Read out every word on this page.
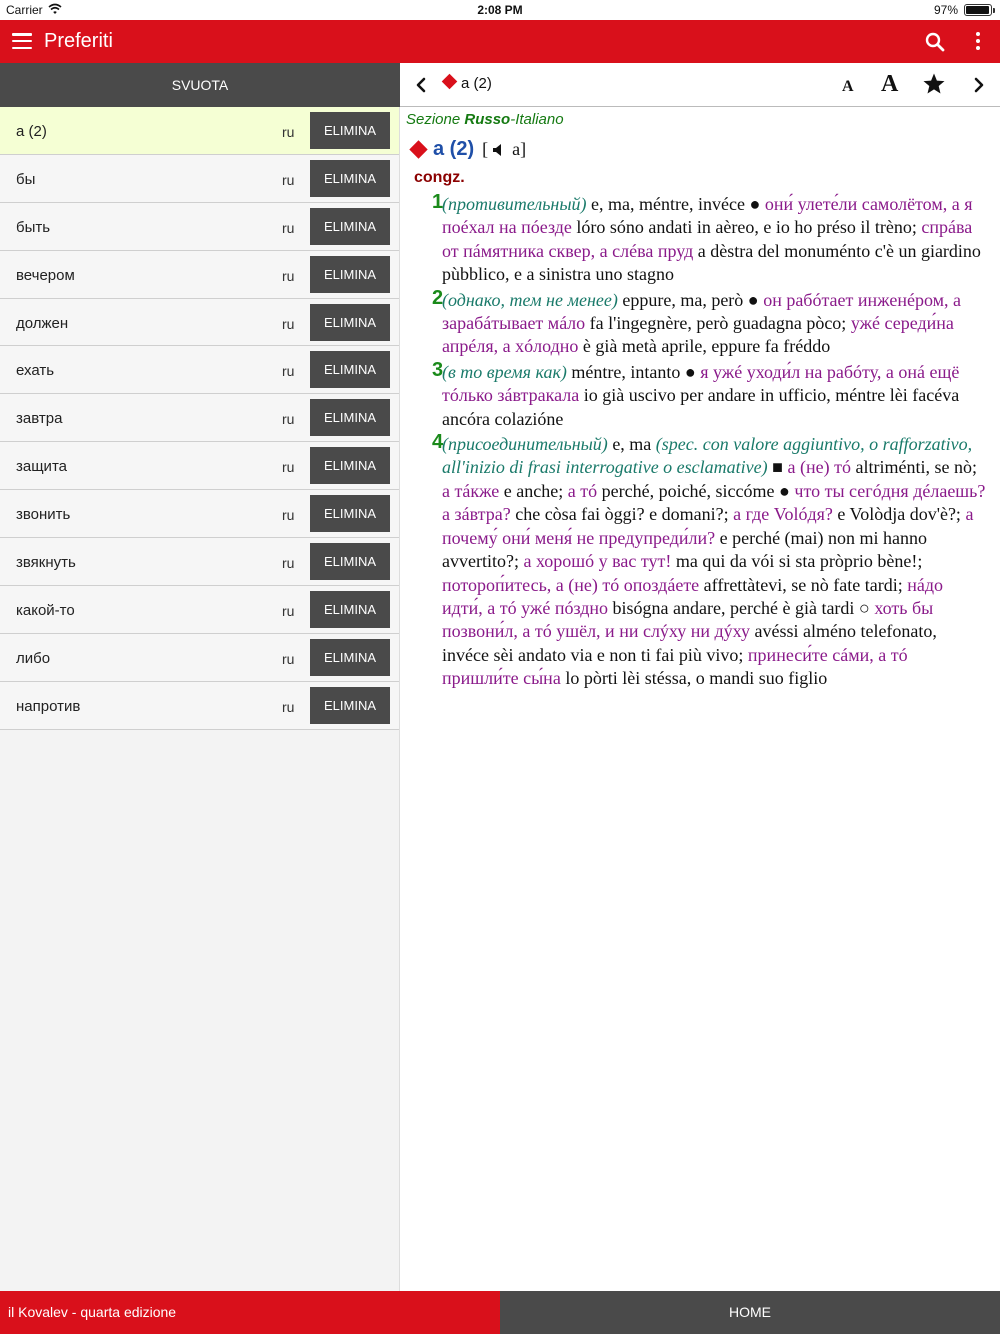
Carrier	2:08 PM	97%
Preferiti
SVUOTA
а (2)	ru	ELIMINA
бы	ru	ELIMINA
быть	ru	ELIMINA
вечером	ru	ELIMINA
должен	ru	ELIMINA
ехать	ru	ELIMINA
завтра	ru	ELIMINA
защита	ru	ELIMINA
звонить	ru	ELIMINA
звякнуть	ru	ELIMINA
какой-то	ru	ELIMINA
либо	ru	ELIMINA
напротив	ru	ELIMINA
а (2)	A A
Sezione Russo-Italiano
а (2) [ а]
congz.
1
(противительный) е, ma, méntre, invéce ● они́ улете́ли самолётом, а я поéхал на пóезде lóro sóno andati in aèreo, e io ho préso il trèno; спрáва от пáмятника сквер, а слéва пруд a dèstra del monuménto c'è un giardino pùbblico, e a sinistra uno stagno
2
(однако, тем не менее) eppure, ma, però ● он рабóтает инженéром, а зарабáтывает мáло fa l'ingegnère, però guadagna pòco; ужé середи́на апрéля, а хóлодно è già metà aprile, eppure fa fréddo
3
(в то время как) méntre, intanto ● я ужé уходи́л на рабóту, а онá ещё тóлько зáвтракала io già uscivo per andare in ufficio, méntre lèi facéva ancóra colazióne
4
(присоединительный) e, ma (spec. con valore aggiuntivo, o rafforzativo, all'inizio di frasi interrogative o esclamative) ■ а (не) тó altriménti, se nò; а тáкже e anche; а тó perché, poiché, siccóme ● что ты сегóдня дéлаешь? а зáвтра? che còsa fai òggi? e domani?; а где Volóдя? e Volòdja dov'è?; а почему́ они́ меня́ не предупреди́ли? e perché (mai) non mi hanno avvertito?; а хорошó у вас тут! ma qui da vói si sta pròprio bène!; потороп́итесь, а (не) тó опоздáете affrettàtevi, se nò fate tardi; нáдо идти́, а тó ужé пóздно bisógna andare, perché è già tardi ○ хоть бы позвони́л, а тó ушёл, и ни слýху ни дýху avéssi alméno telefonato, invéce sèi andato via e non ti fai più vivo; принеси́те сáми, а тó пришли́те сы́на lo pòrti lèi stéssa, o mandi suo figlio
il Kovalev - quarta edizione	HOME
